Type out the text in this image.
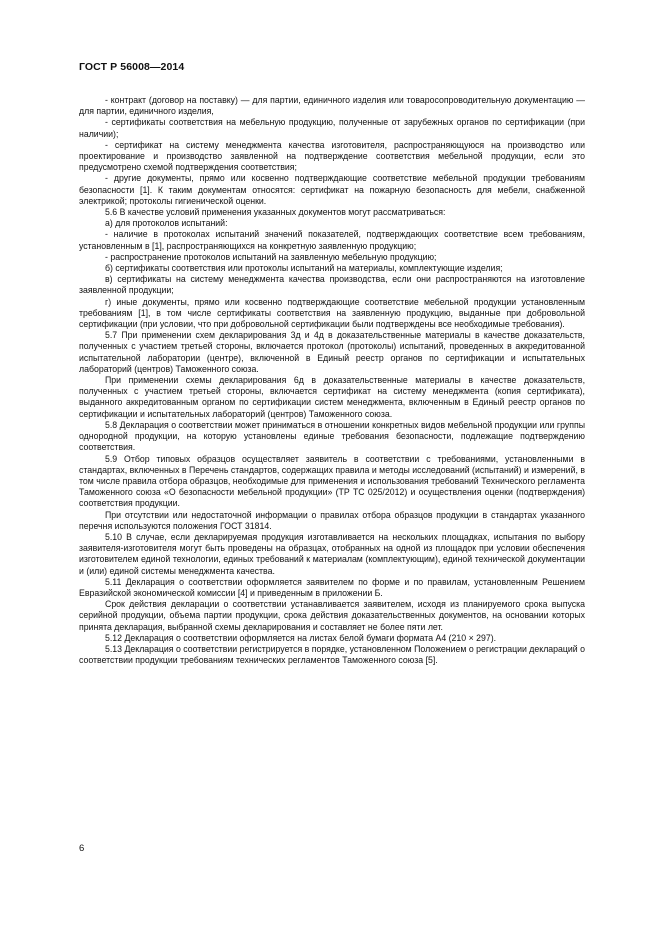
ГОСТ Р 56008—2014

- контракт (договор на поставку) — для партии, единичного изделия или товаросопроводительную документацию — для партии, единичного изделия,

- сертификаты соответствия на мебельную продукцию, полученные от зарубежных органов по сертификации (при наличии);

- сертификат на систему менеджмента качества изготовителя, распространяющуюся на производство или проектирование и производство заявленной на подтверждение соответствия мебельной продукции, если это предусмотрено схемой подтверждения соответствия;

- другие документы, прямо или косвенно подтверждающие соответствие мебельной продукции требованиям безопасности [1]. К таким документам относятся: сертификат на пожарную безопасность для мебели, снабженной электрикой; протоколы гигиенической оценки.

5.6 В качестве условий применения указанных документов могут рассматриваться:

а) для протоколов испытаний:

- наличие в протоколах испытаний значений показателей, подтверждающих соответствие всем требованиям, установленным в [1], распространяющихся на конкретную заявленную продукцию;

- распространение протоколов испытаний на заявленную мебельную продукцию;

б) сертификаты соответствия или протоколы испытаний на материалы, комплектующие изделия;

в) сертификаты на систему менеджмента качества производства, если они распространяются на изготовление заявленной продукции;

г) иные документы, прямо или косвенно подтверждающие соответствие мебельной продукции установленным требованиям [1], в том числе сертификаты соответствия на заявленную продукцию, выданные при добровольной сертификации (при условии, что при добровольной сертификации были подтверждены все необходимые требования).

5.7 При применении схем декларирования 3д и 4д в доказательственные материалы в качестве доказательств, полученных с участием третьей стороны, включается протокол (протоколы) испытаний, проведенных в аккредитованной испытательной лаборатории (центре), включенной в Единый реестр органов по сертификации и испытательных лабораторий (центров) Таможенного союза.

При применении схемы декларирования 6д в доказательственные материалы в качестве доказательств, полученных с участием третьей стороны, включается сертификат на систему менеджмента (копия сертификата), выданного аккредитованным органом по сертификации систем менеджмента, включенным в Единый реестр органов по сертификации и испытательных лабораторий (центров) Таможенного союза.

5.8 Декларация о соответствии может приниматься в отношении конкретных видов мебельной продукции или группы однородной продукции, на которую установлены единые требования безопасности, подлежащие подтверждению соответствия.

5.9 Отбор типовых образцов осуществляет заявитель в соответствии с требованиями, установленными в стандартах, включенных в Перечень стандартов, содержащих правила и методы исследований (испытаний) и измерений, в том числе правила отбора образцов, необходимые для применения и использования требований Технического регламента Таможенного союза «О безопасности мебельной продукции» (ТР ТС 025/2012) и осуществления оценки (подтверждения) соответствия продукции.

При отсутствии или недостаточной информации о правилах отбора образцов продукции в стандартах указанного перечня используются положения ГОСТ 31814.

5.10 В случае, если декларируемая продукция изготавливается на нескольких площадках, испытания по выбору заявителя-изготовителя могут быть проведены на образцах, отобранных на одной из площадок при условии обеспечения изготовителем единой технологии, единых требований к материалам (комплектующим), единой технической документации и (или) единой системы менеджмента качества.

5.11 Декларация о соответствии оформляется заявителем по форме и по правилам, установленным Решением Евразийской экономической комиссии [4] и приведенным в приложении Б.

Срок действия декларации о соответствии устанавливается заявителем, исходя из планируемого срока выпуска серийной продукции, объема партии продукции, срока действия доказательственных документов, на основании которых принята декларация, выбранной схемы декларирования и составляет не более пяти лет.

5.12 Декларация о соответствии оформляется на листах белой бумаги формата А4 (210 × 297).

5.13 Декларация о соответствии регистрируется в порядке, установленном Положением о регистрации деклараций о соответствии продукции требованиям технических регламентов Таможенного союза [5].

6
